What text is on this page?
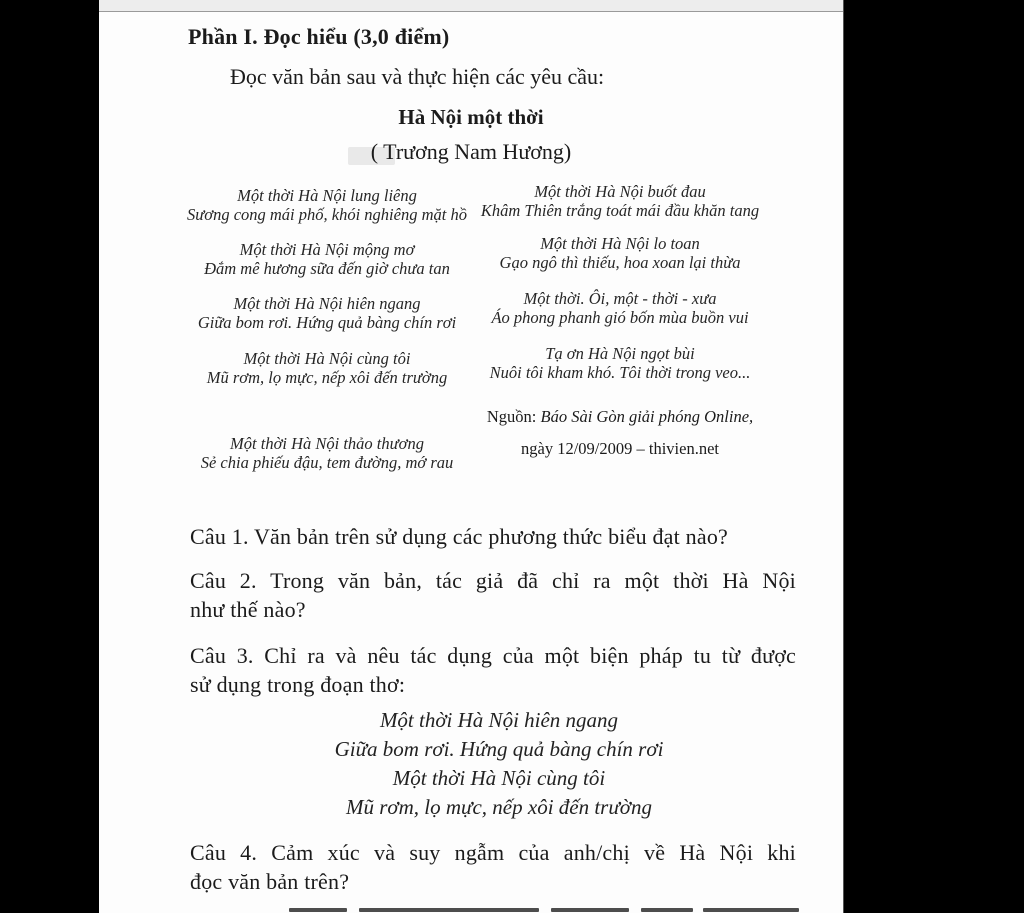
Phần I. Đọc hiểu (3,0 điểm)
Đọc văn bản sau và thực hiện các yêu cầu:
Hà Nội một thời
( Trương Nam Hương)
Một thời Hà Nội lung liêng
Sương cong mái phố, khói nghiêng mặt hồ
Một thời Hà Nội mộng mơ
Đắm mê hương sữa đến giờ chưa tan
Một thời Hà Nội hiên ngang
Giữa bom rơi. Hứng quả bàng chín rơi
Một thời Hà Nội cùng tôi
Mũ rơm, lọ mực, nếp xôi đến trường
Một thời Hà Nội thảo thương
Sẻ chia phiếu đậu, tem đường, mớ rau
Một thời Hà Nội buốt đau
Khâm Thiên trắng toát mái đầu khăn tang
Một thời Hà Nội lo toan
Gạo ngô thì thiếu, hoa xoan lại thừa
Một thời. Ôi, một - thời - xưa
Áo phong phanh gió bốn mùa buồn vui
Tạ ơn Hà Nội ngọt bùi
Nuôi tôi kham khó. Tôi thời trong veo...
Nguồn: Báo Sài Gòn giải phóng Online,
ngày 12/09/2009 – thivien.net
Câu 1. Văn bản trên sử dụng các phương thức biểu đạt nào?
Câu 2. Trong văn bản, tác giả đã chỉ ra một thời Hà Nội
như thế nào?
Câu 3. Chỉ ra và nêu tác dụng của một biện pháp tu từ được
sử dụng trong đoạn thơ:
Câu 4. Cảm xúc và suy ngẫm của anh/chị về Hà Nội khi
đọc văn bản trên?
Một thời Hà Nội hiên ngang
Giữa bom rơi. Hứng quả bàng chín rơi
Một thời Hà Nội cùng tôi
Mũ rơm, lọ mực, nếp xôi đến trường
